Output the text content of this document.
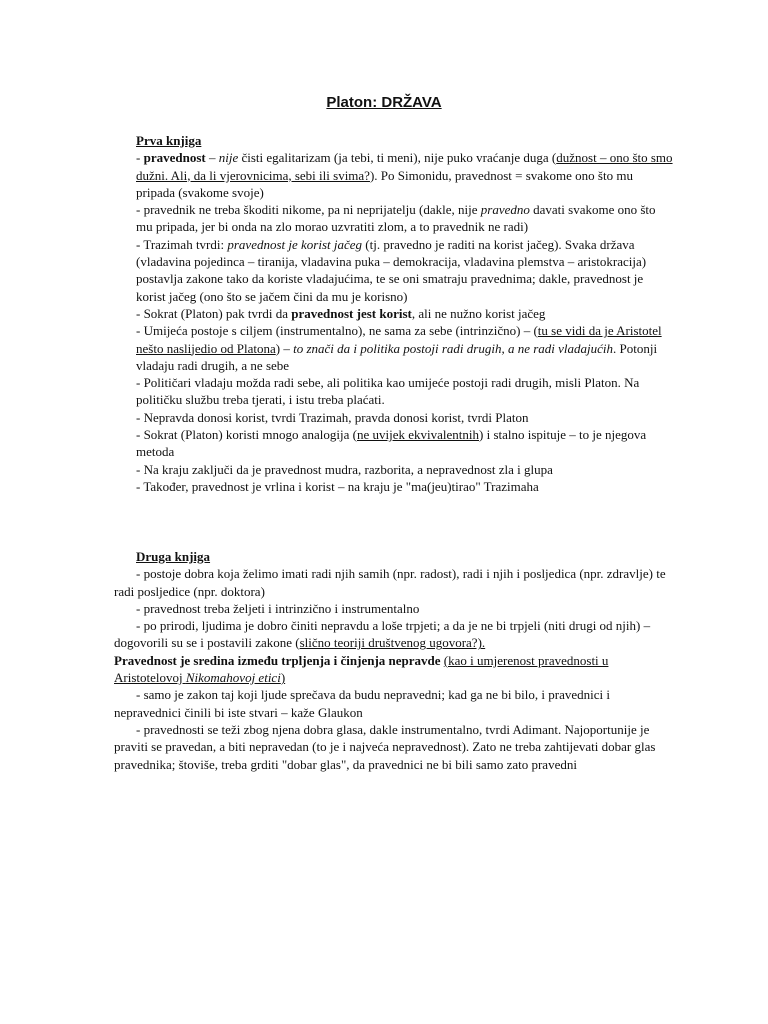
Platon: DRŽAVA
Prva knjiga
- pravednost – nije čisti egalitarizam (ja tebi, ti meni), nije puko vraćanje duga (dužnost – ono što smo dužni. Ali, da li vjerovnicima, sebi ili svima?). Po Simonidu, pravednost = svakome ono što mu pripada (svakome svoje)
- pravednik ne treba škoditi nikome, pa ni neprijatelju (dakle, nije pravedno davati svakome ono što mu pripada, jer bi onda na zlo morao uzvratiti zlom, a to pravednik ne radi)
- Trazimah tvrdi: pravednost je korist jačeg (tj. pravedno je raditi na korist jačeg). Svaka država (vladavina pojedinca – tiranija, vladavina puka – demokracija, vladavina plemstva – aristokracija) postavlja zakone tako da koriste vladajućima, te se oni smatraju pravednima; dakle, pravednost je korist jačeg (ono što se jačem čini da mu je korisno)
- Sokrat (Platon) pak tvrdi da pravednost jest korist, ali ne nužno korist jačeg
- Umijeća postoje s ciljem (instrumentalno), ne sama za sebe (intrinzično) – (tu se vidi da je Aristotel nešto naslijedio od Platona) – to znači da i politika postoji radi drugih, a ne radi vladajućih. Potonji vladaju radi drugih, a ne sebe
- Političari vladaju možda radi sebe, ali politika kao umijeće postoji radi drugih, misli Platon. Na političku službu treba tjerati, i istu treba plaćati.
- Nepravda donosi korist, tvrdi Trazimah, pravda donosi korist, tvrdi Platon
- Sokrat (Platon) koristi mnogo analogija (ne uvijek ekvivalentnih) i stalno ispituje – to je njegova metoda
- Na kraju zaključi da je pravednost mudra, razborita, a nepravednost zla i glupa
- Također, pravednost je vrlina i korist – na kraju je "ma(jeu)tirao" Trazimaha
Druga knjiga
- postoje dobra koja želimo imati radi njih samih (npr. radost), radi i njih i posljedica (npr. zdravlje) te radi posljedice (npr. doktora)
- pravednost treba željeti i intrinzično i instrumentalno
- po prirodi, ljudima je dobro činiti nepravdu a loše trpjeti; a da je ne bi trpjeli (niti drugi od njih) – dogovorili su se i postavili zakone (slično teoriji društvenog ugovora?).
Pravednost je sredina između trpljenja i činjenja nepravde (kao i umjerenost pravednosti u Aristotelovoj Nikomahovoj etici)
- samo je zakon taj koji ljude sprečava da budu nepravedni; kad ga ne bi bilo, i pravednici i nepravednici činili bi iste stvari – kaže Glaukon
- pravednosti se teži zbog njena dobra glasa, dakle instrumentalno, tvrdi Adimant. Najoportunije je praviti se pravedan, a biti nepravedan (to je i najveća nepravednost). Zato ne treba zahtijevati dobar glas pravednika; štoviše, treba grditi "dobar glas", da pravednici ne bi bili samo zato pravedni
